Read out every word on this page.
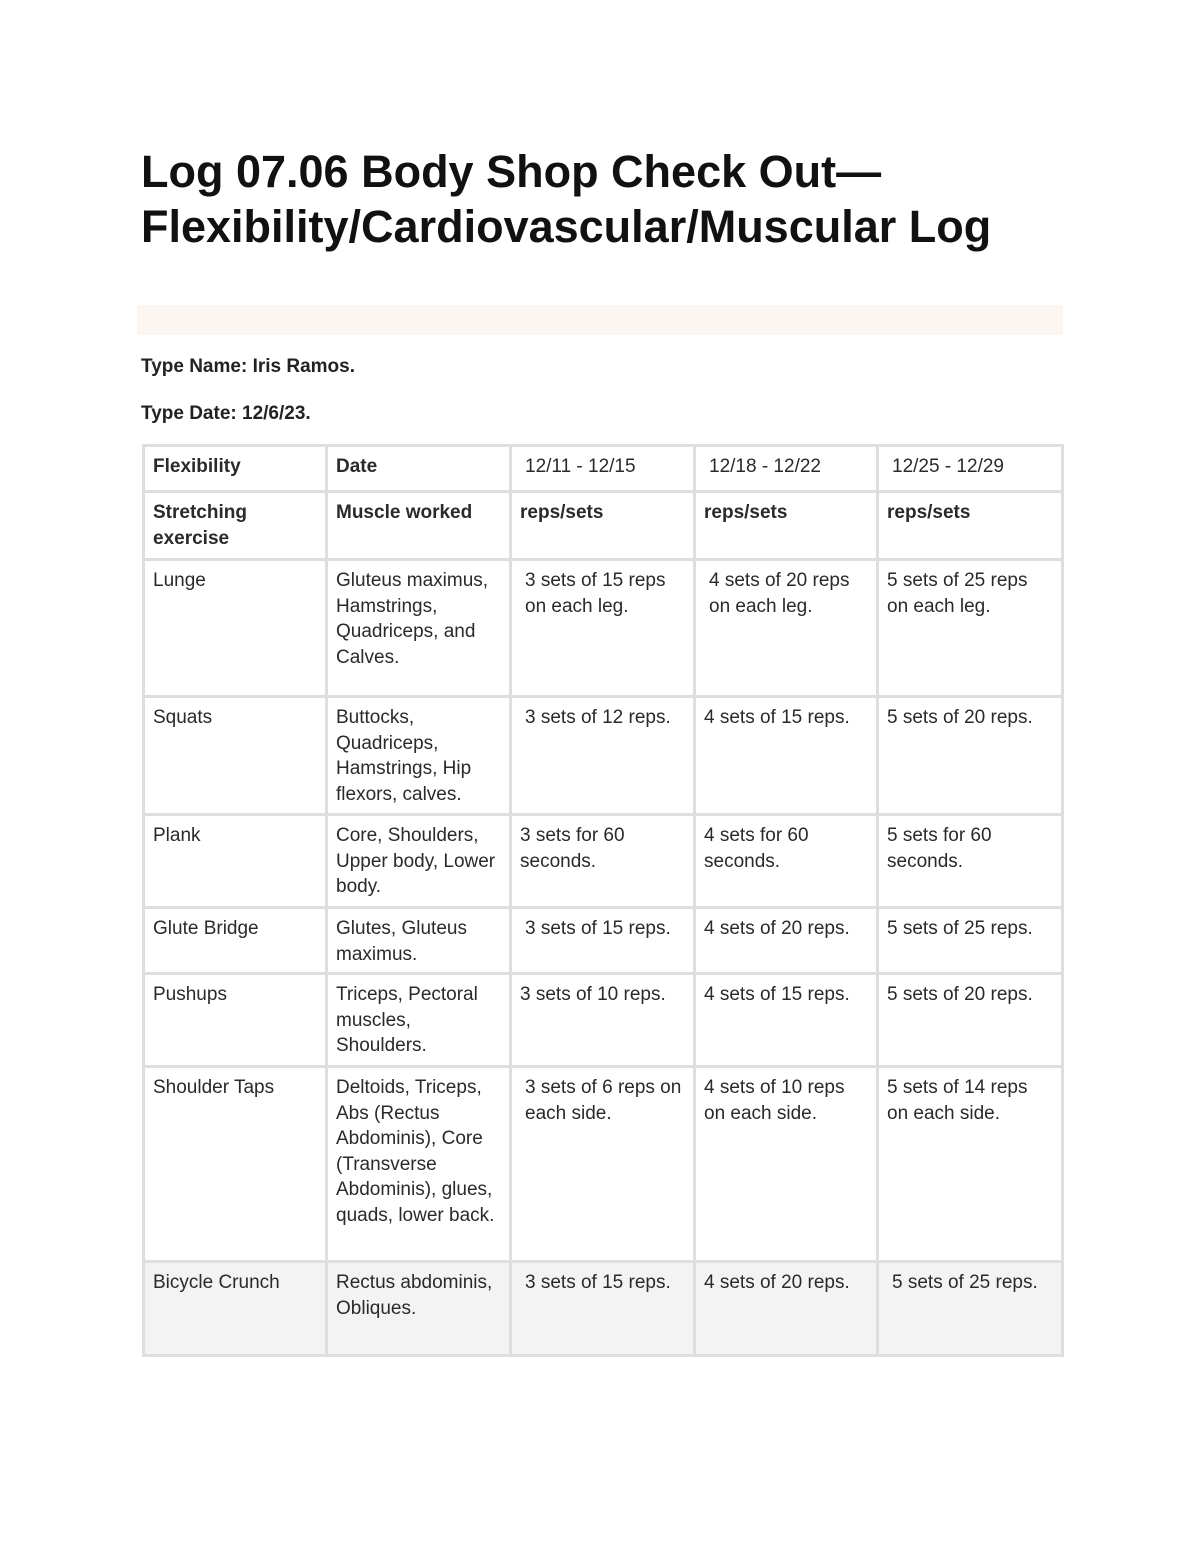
Log 07.06 Body Shop Check Out—
Flexibility/Cardiovascular/Muscular Log

Type Name: Iris Ramos.

Type Date: 12/6/23.

Flexibility	Date	12/11 - 12/15	12/18 - 12/22	12/25 - 12/29
Stretching exercise	Muscle worked	reps/sets	reps/sets	reps/sets
Lunge	Gluteus maximus, Hamstrings, Quadriceps, and Calves.	3 sets of 15 reps on each leg.	4 sets of 20 reps on each leg.	5 sets of 25 reps on each leg.
Squats	Buttocks, Quadriceps, Hamstrings, Hip flexors, calves.	3 sets of 12 reps.	4 sets of 15 reps.	5 sets of 20 reps.
Plank	Core, Shoulders, Upper body, Lower body.	3 sets for 60 seconds.	4 sets for 60 seconds.	5 sets for 60 seconds.
Glute Bridge	Glutes, Gluteus maximus.	3 sets of 15 reps.	4 sets of 20 reps.	5 sets of 25 reps.
Pushups	Triceps, Pectoral muscles, Shoulders.	3 sets of 10 reps.	4 sets of 15 reps.	5 sets of 20 reps.
Shoulder Taps	Deltoids, Triceps, Abs (Rectus Abdominis), Core (Transverse Abdominis), glues, quads, lower back.	3 sets of 6 reps on each side.	4 sets of 10 reps on each side.	5 sets of 14 reps on each side.
Bicycle Crunch	Rectus abdominis, Obliques.	3 sets of 15 reps.	4 sets of 20 reps.	5 sets of 25 reps.
